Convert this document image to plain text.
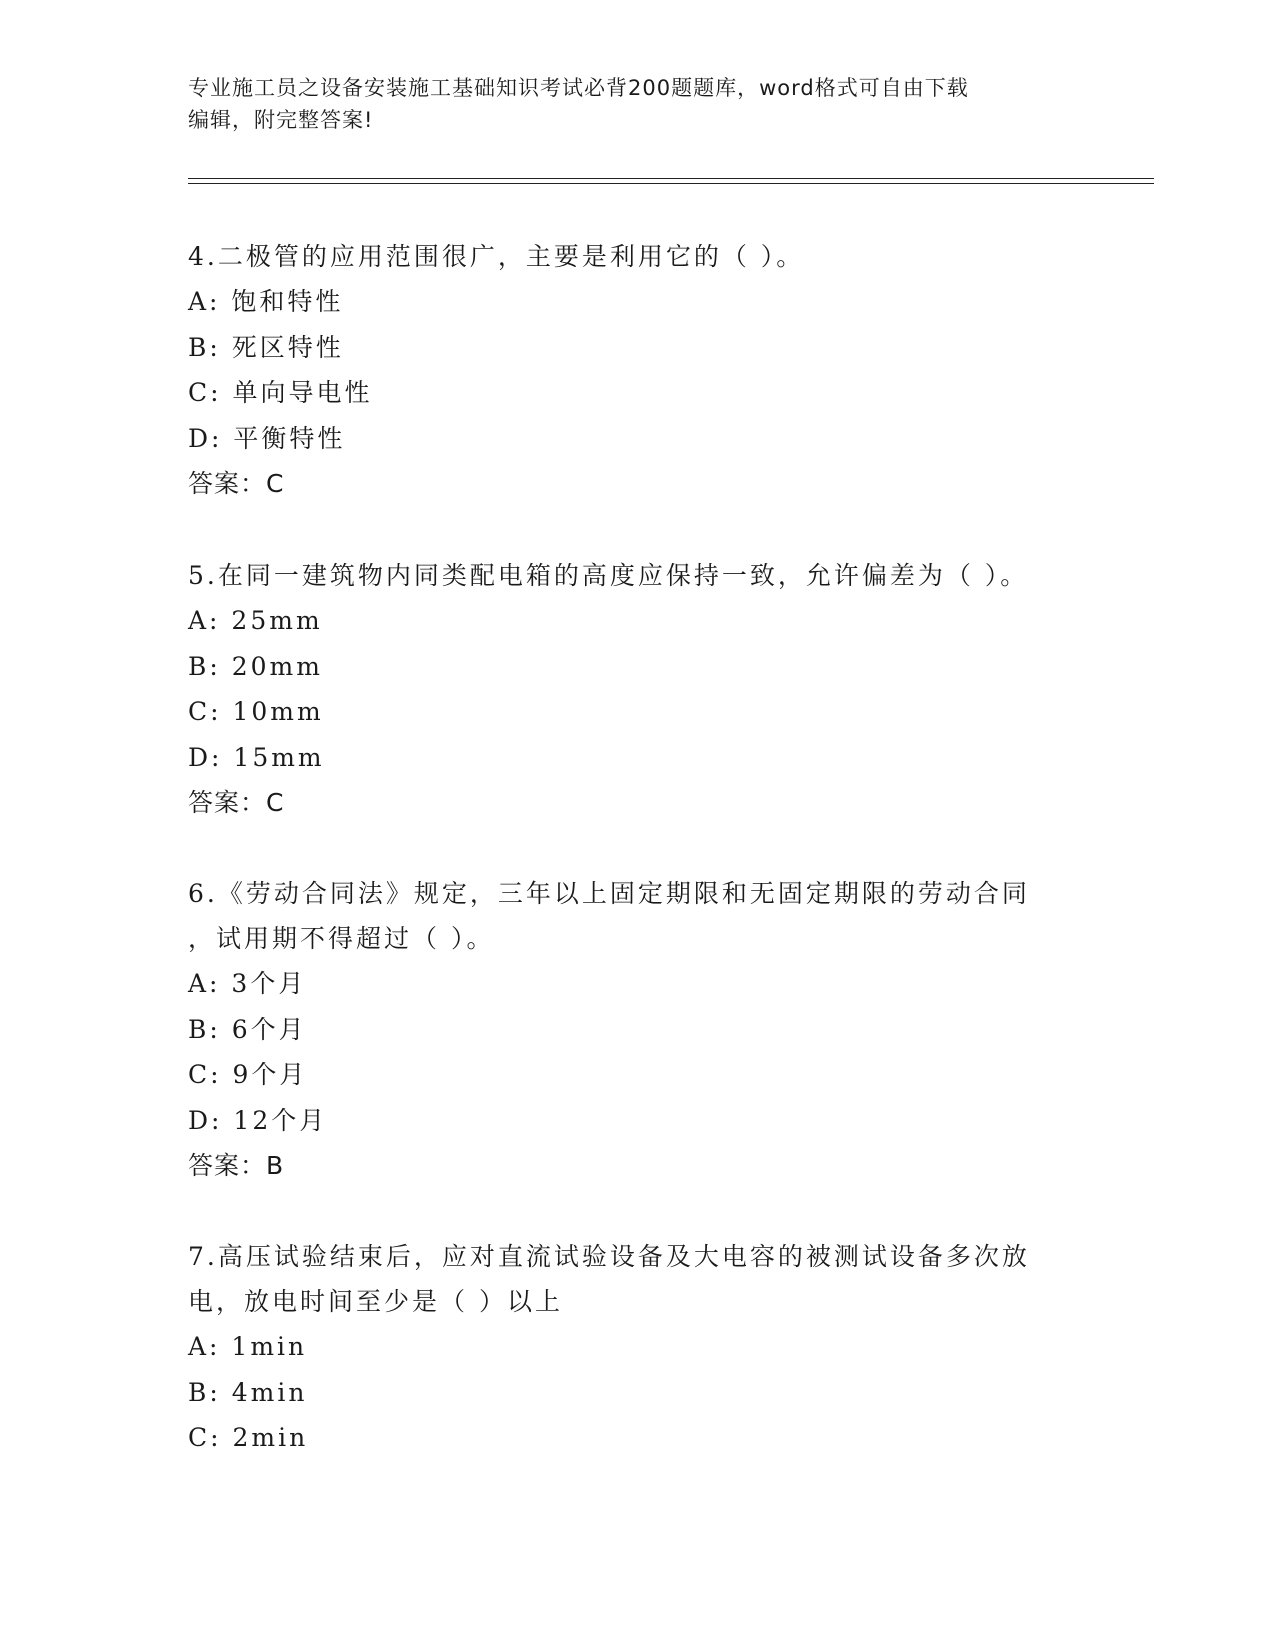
专业施工员之设备安装施工基础知识考试必背200题题库，word格式可自由下载
编辑，附完整答案!
4.二极管的应用范围很广，主要是利用它的（ ）。
A: 饱和特性
B: 死区特性
C: 单向导电性
D: 平衡特性
答案：C
5.在同一建筑物内同类配电箱的高度应保持一致，允许偏差为（ ）。
A: 25mm
B: 20mm
C: 10mm
D: 15mm
答案：C
6.《劳动合同法》规定，三年以上固定期限和无固定期限的劳动合同
，试用期不得超过（ ）。
A: 3个月
B: 6个月
C: 9个月
D: 12个月
答案：B
7.高压试验结束后，应对直流试验设备及大电容的被测试设备多次放
电，放电时间至少是（ ）以上
A: 1min
B: 4min
C: 2min
